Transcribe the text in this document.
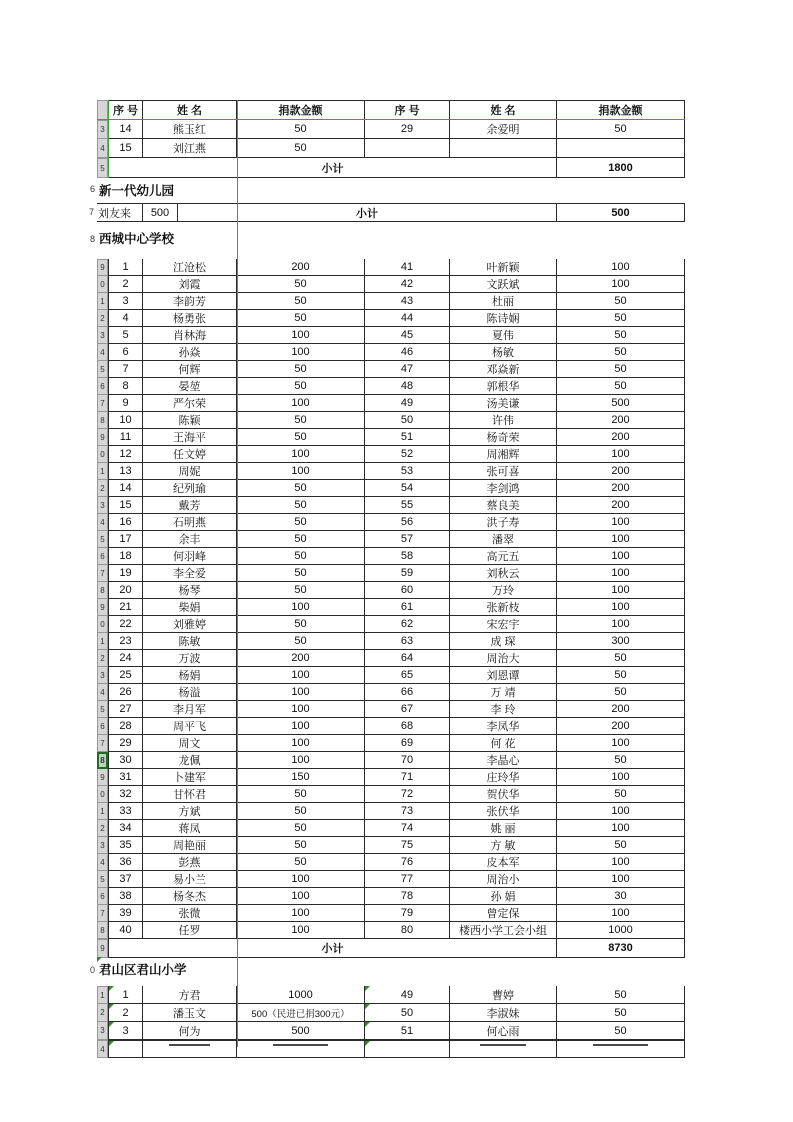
序 号	姓 名	捐款金额	序 号	姓 名	捐款金额
3	14	熊玉红	50	29	余爱明	50
4	15	刘江燕	50
5	小计	1800
6 新一代幼儿园
7 刘友来	500	小计	500
8 西城中心学校
9	1	江沧松	200	41	叶新颖	100
0	2	刘霞	50	42	文跃斌	100
1	3	李韵芳	50	43	杜丽	50
2	4	杨勇张	50	44	陈诗娴	50
3	5	肖林海	100	45	夏伟	50
4	6	孙焱	100	46	杨敏	50
5	7	何辉	50	47	邓焱新	50
6	8	晏堃	50	48	郭根华	50
7	9	严尔荣	100	49	汤美谦	500
8	10	陈颖	50	50	许伟	200
9	11	王海平	50	51	杨奇荣	200
0	12	任文婷	100	52	周湘辉	100
1	13	周妮	100	53	张可喜	200
2	14	纪列瑜	50	54	李剑鸿	200
3	15	戴芳	50	55	蔡良美	200
4	16	石明燕	50	56	洪子寿	100
5	17	余丰	50	57	潘翠	100
6	18	何羽峰	50	58	高元五	100
7	19	李全爱	50	59	刘秋云	100
8	20	杨琴	50	60	万玲	100
9	21	柴娟	100	61	张新枝	100
0	22	刘雅婷	50	62	宋宏宇	100
1	23	陈敏	50	63	成 琛	300
2	24	万波	200	64	周治大	50
3	25	杨娟	100	65	刘恩谭	50
4	26	杨溢	100	66	万 靖	50
5	27	李月军	100	67	李 玲	200
6	28	周平飞	100	68	李凤华	200
7	29	周文	100	69	何 花	100
8	30	龙佩	100	70	李晶心	50
9	31	卜建军	150	71	庄玲华	100
0	32	甘怀君	50	72	贺伏华	50
1	33	方斌	50	73	张伏华	100
2	34	蒋凤	50	74	姚 丽	100
3	35	周艳丽	50	75	方 敏	50
4	36	彭燕	50	76	皮本军	100
5	37	易小兰	100	77	周治小	100
6	38	杨冬杰	100	78	孙 娟	30
7	39	张微	100	79	曾定保	100
8	40	任罗	100	80	楼西小学工会小组	1000
9	小计	8730
0 君山区君山小学
1	1	方君	1000	49	曹婷	50
2	2	潘玉文	500（民进已捐300元）	50	李淑妹	50
3	3	何为	500	51	何心雨	50
4
